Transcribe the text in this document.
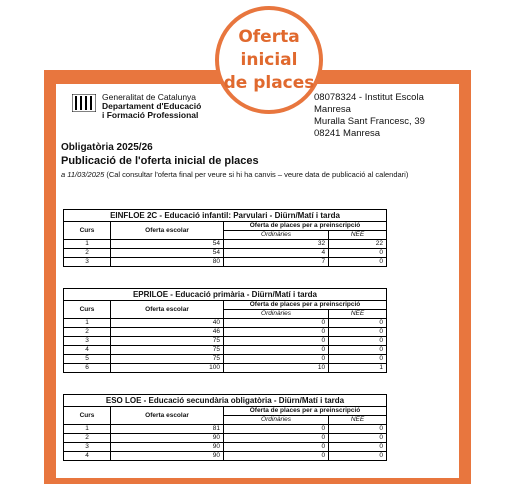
Oferta
inicial
de places
Generalitat de Catalunya
Departament d'Educació
i Formació Professional
08078324 - Institut Escola Manresa
Muralla Sant Francesc, 39
08241 Manresa
Obligatòria 2025/26
Publicació de l'oferta inicial de places
a 11/03/2025 (Cal consultar l'oferta final per veure si hi ha canvis – veure data de publicació al calendari)
EINFLOE 2C - Educació infantil: Parvulari - Diürn/Matí i tarda			
Curs	Oferta escolar	Oferta de places per a preinscripció	
		Ordinàries	NEE
1	54	32	22
2	54	4	0
3	80	7	0
EPRILOE - Educació primària - Diürn/Matí i tarda			
Curs	Oferta escolar	Oferta de places per a preinscripció	
		Ordinàries	NEE
1	40	0	0
2	46	0	0
3	75	0	0
4	75	0	0
5	75	0	0
6	100	10	1
ESO LOE - Educació secundària obligatòria - Diürn/Matí i tarda			
Curs	Oferta escolar	Oferta de places per a preinscripció	
		Ordinàries	NEE
1	81	0	0
2	90	0	0
3	90	0	0
4	90	0	0
